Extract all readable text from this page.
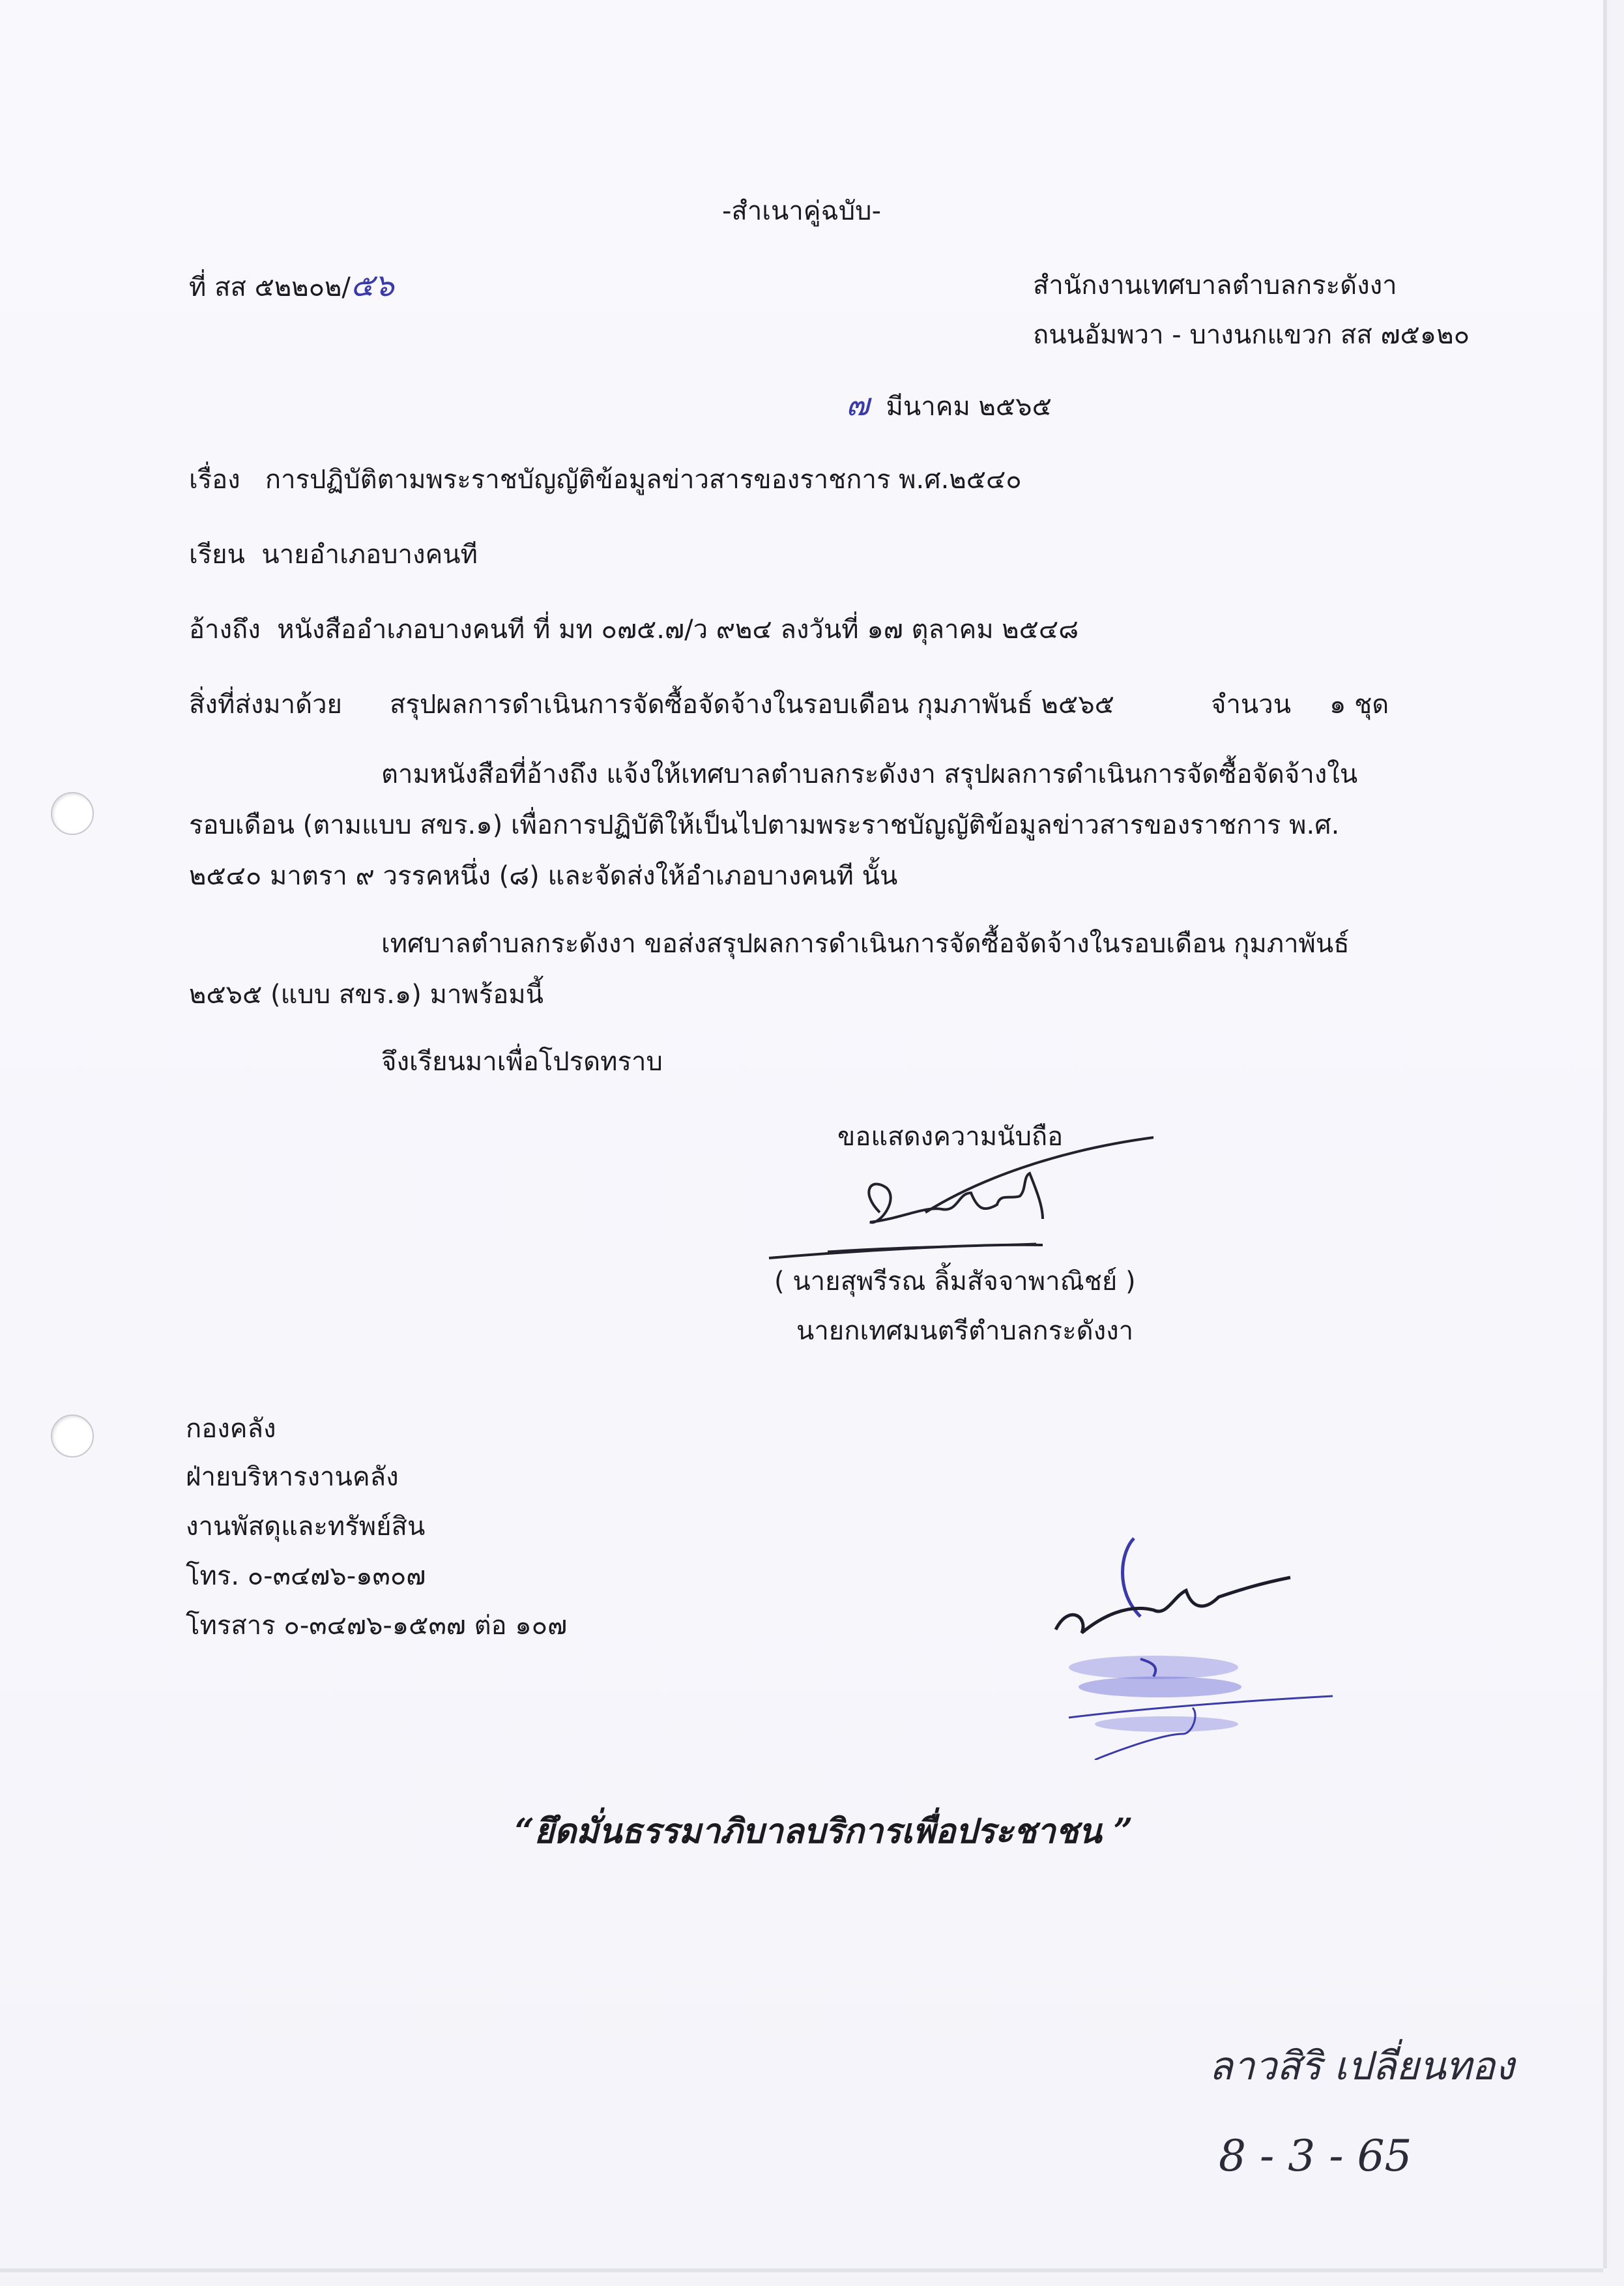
-สำเนาคู่ฉบับ-
ที่ สส ๕๒๒๐๒/๕๖	สำนักงานเทศบาลตำบลกระดังงา
ถนนอัมพวา - บางนกแขวก สส ๗๕๑๒๐
๗ มีนาคม ๒๕๖๕
เรื่อง การปฏิบัติตามพระราชบัญญัติข้อมูลข่าวสารของราชการ พ.ศ.๒๕๔๐
เรียน นายอำเภอบางคนที
อ้างถึง หนังสืออำเภอบางคนที ที่ มท ๐๗๕.๗/ว ๙๒๔ ลงวันที่ ๑๗ ตุลาคม ๒๕๔๘
สิ่งที่ส่งมาด้วย สรุปผลการดำเนินการจัดซื้อจัดจ้างในรอบเดือน กุมภาพันธ์ ๒๕๖๕	จำนวน ๑ ชุด
ตามหนังสือที่อ้างถึง แจ้งให้เทศบาลตำบลกระดังงา สรุปผลการดำเนินการจัดซื้อจัดจ้างใน
รอบเดือน (ตามแบบ สขร.๑) เพื่อการปฏิบัติให้เป็นไปตามพระราชบัญญัติข้อมูลข่าวสารของราชการ พ.ศ.
๒๕๔๐ มาตรา ๙ วรรคหนึ่ง (๘) และจัดส่งให้อำเภอบางคนที นั้น
เทศบาลตำบลกระดังงา ขอส่งสรุปผลการดำเนินการจัดซื้อจัดจ้างในรอบเดือน กุมภาพันธ์
๒๕๖๕ (แบบ สขร.๑) มาพร้อมนี้
จึงเรียนมาเพื่อโปรดทราบ
ขอแสดงความนับถือ
( นายสุพรีรณ ลิ้มสัจจาพาณิชย์ )
นายกเทศมนตรีตำบลกระดังงา
กองคลัง
ฝ่ายบริหารงานคลัง
งานพัสดุและทรัพย์สิน
โทร. ๐-๓๔๗๖-๑๓๐๗
โทรสาร ๐-๓๔๗๖-๑๕๓๗ ต่อ ๑๐๗
“ยึดมั่นธรรมาภิบาลบริการเพื่อประชาชน ”
ลาวสิริ เปลี่ยนทอง
8 - 3 - 65
